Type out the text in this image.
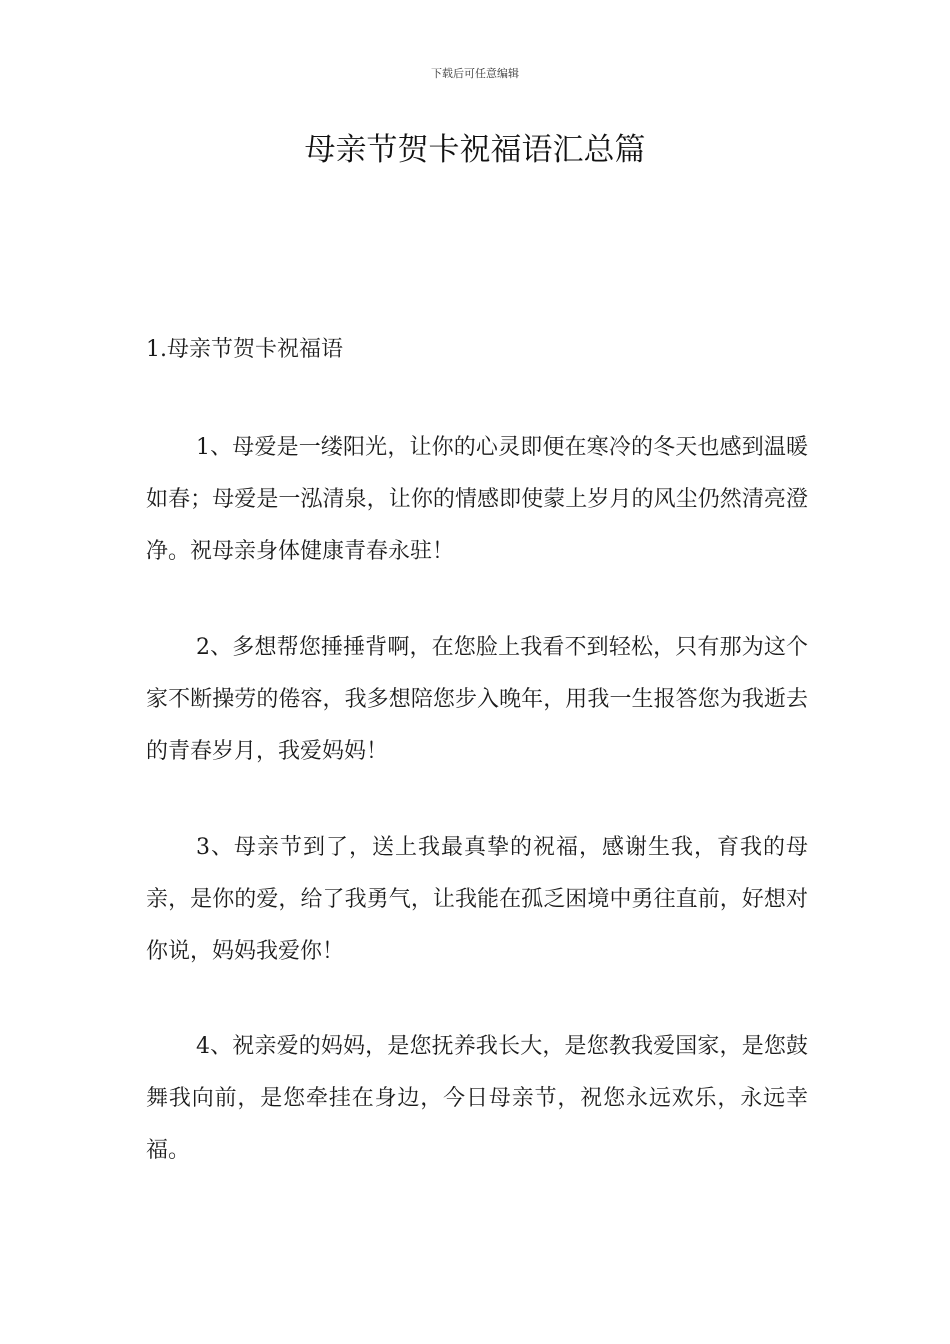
下载后可任意编辑
母亲节贺卡祝福语汇总篇
1.母亲节贺卡祝福语

1、母爱是一缕阳光，让你的心灵即便在寒冷的冬天也感到温暖如春；母爱是一泓清泉，让你的情感即使蒙上岁月的风尘仍然清亮澄净。祝母亲身体健康青春永驻！

2、多想帮您捶捶背啊，在您脸上我看不到轻松，只有那为这个家不断操劳的倦容，我多想陪您步入晚年，用我一生报答您为我逝去的青春岁月，我爱妈妈！

3、母亲节到了，送上我最真挚的祝福，感谢生我，育我的母亲，是你的爱，给了我勇气，让我能在孤乏困境中勇往直前，好想对你说，妈妈我爱你！

4、祝亲爱的妈妈，是您抚养我长大，是您教我爱国家，是您鼓舞我向前，是您牵挂在身边，今日母亲节，祝您永远欢乐，永远幸福。
